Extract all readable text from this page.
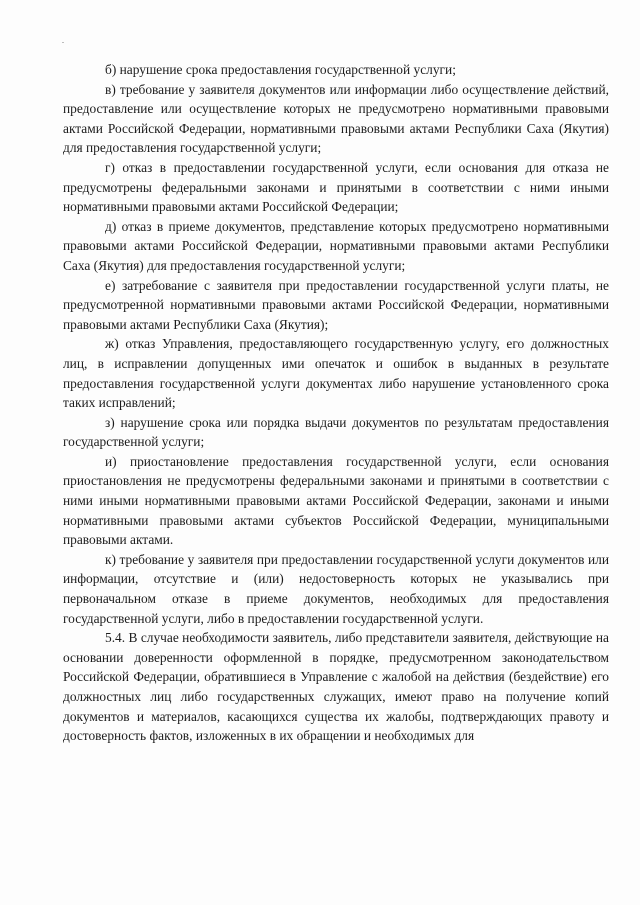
б) нарушение срока предоставления государственной услуги;

в) требование у заявителя документов или информации либо осуществление действий, предоставление или осуществление которых не предусмотрено нормативными правовыми актами Российской Федерации, нормативными правовыми актами Республики Саха (Якутия) для предоставления государственной услуги;

г) отказ в предоставлении государственной услуги, если основания для отказа не предусмотрены федеральными законами и принятыми в соответствии с ними иными нормативными правовыми актами Российской Федерации;

д) отказ в приеме документов, представление которых предусмотрено нормативными правовыми актами Российской Федерации, нормативными правовыми актами Республики Саха (Якутия) для предоставления государственной услуги;

е) затребование с заявителя при предоставлении государственной услуги платы, не предусмотренной нормативными правовыми актами Российской Федерации, нормативными правовыми актами Республики Саха (Якутия);

ж) отказ Управления, предоставляющего государственную услугу, его должностных лиц, в исправлении допущенных ими опечаток и ошибок в выданных в результате предоставления государственной услуги документах либо нарушение установленного срока таких исправлений;

з) нарушение срока или порядка выдачи документов по результатам предоставления государственной услуги;

и) приостановление предоставления государственной услуги, если основания приостановления не предусмотрены федеральными законами и принятыми в соответствии с ними иными нормативными правовыми актами Российской Федерации, законами и иными нормативными правовыми актами субъектов Российской Федерации, муниципальными правовыми актами.

к) требование у заявителя при предоставлении государственной услуги документов или информации, отсутствие и (или) недостоверность которых не указывались при первоначальном отказе в приеме документов, необходимых для предоставления государственной услуги, либо в предоставлении государственной услуги.

5.4. В случае необходимости заявитель, либо представители заявителя, действующие на основании доверенности оформленной в порядке, предусмотренном законодательством Российской Федерации, обратившиеся в Управление с жалобой на действия (бездействие) его должностных лиц либо государственных служащих, имеют право на получение копий документов и материалов, касающихся существа их жалобы, подтверждающих правоту и достоверность фактов, изложенных в их обращении и необходимых для
